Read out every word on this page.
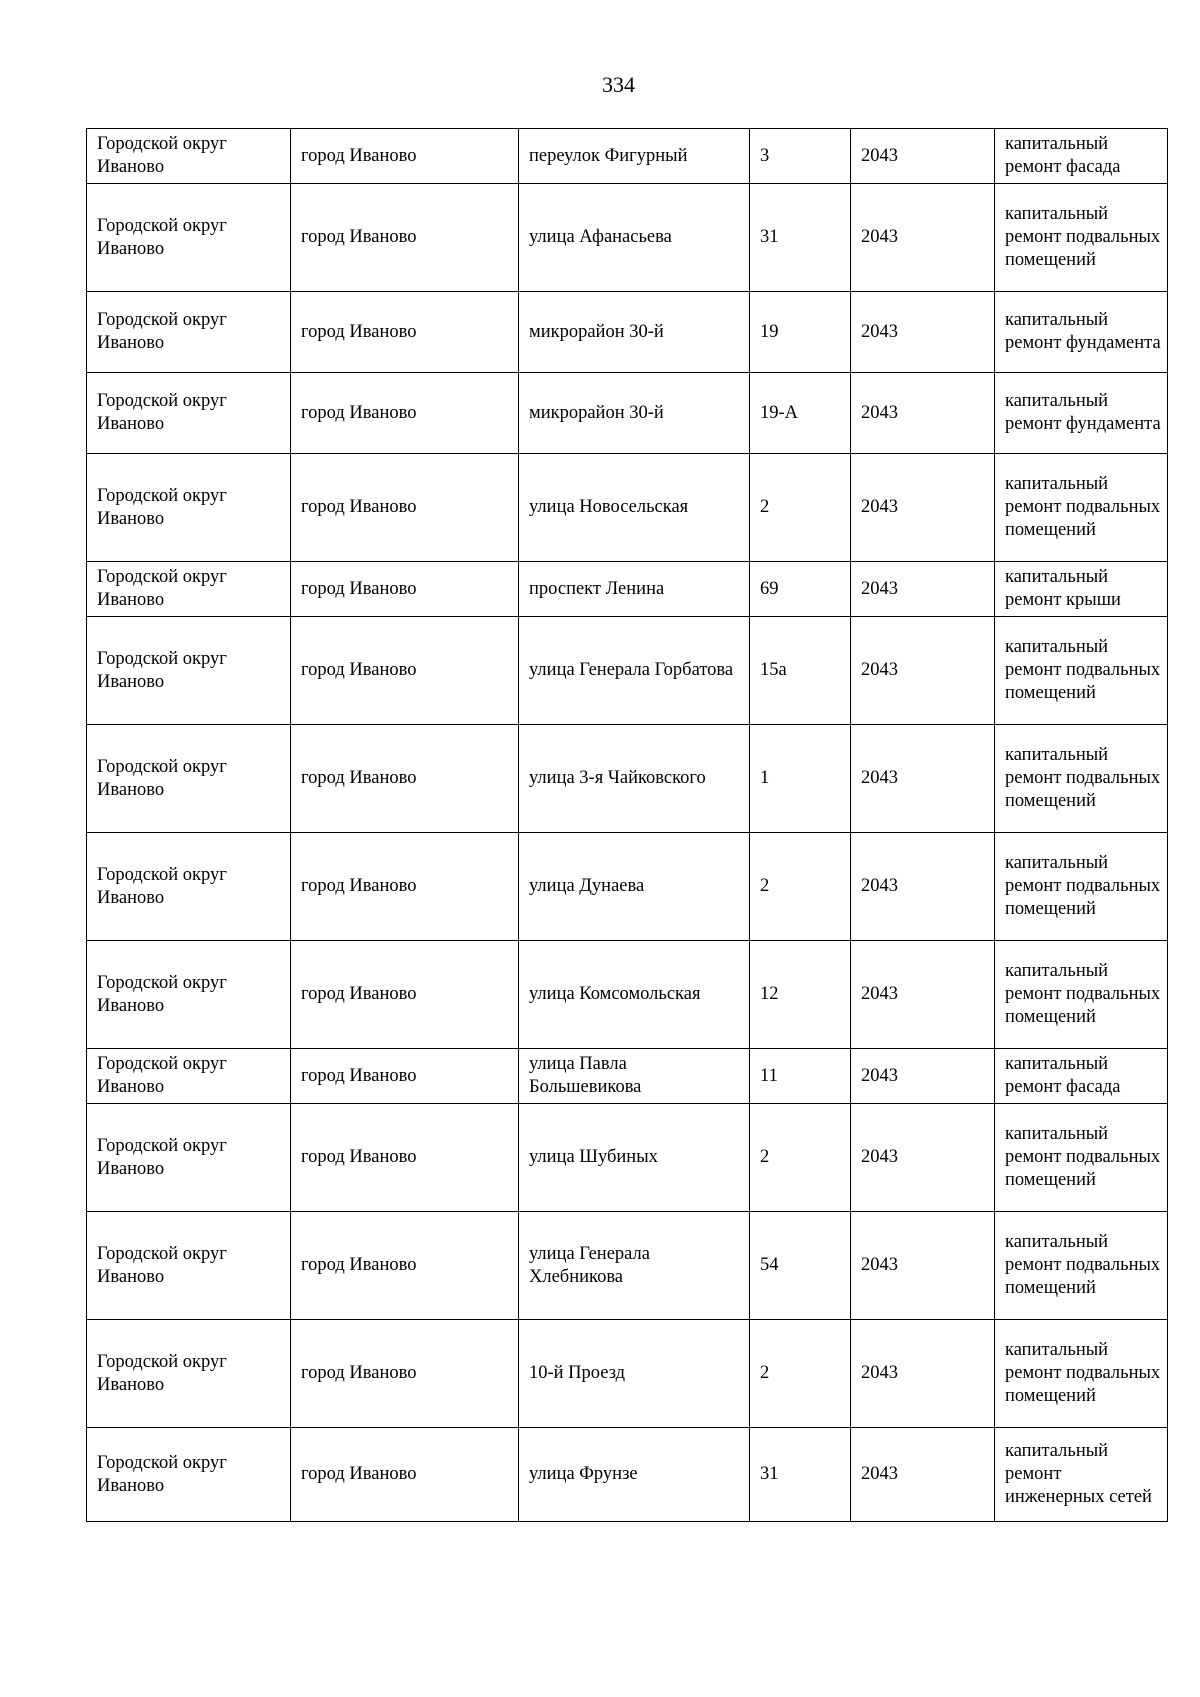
334
Городской округ Иваново	город Иваново	переулок Фигурный	3	2043	капитальный ремонт фасада
Городской округ Иваново	город Иваново	улица Афанасьева	31	2043	капитальный ремонт подвальных помещений
Городской округ Иваново	город Иваново	микрорайон 30-й	19	2043	капитальный ремонт фундамента
Городской округ Иваново	город Иваново	микрорайон 30-й	19-А	2043	капитальный ремонт фундамента
Городской округ Иваново	город Иваново	улица Новосельская	2	2043	капитальный ремонт подвальных помещений
Городской округ Иваново	город Иваново	проспект Ленина	69	2043	капитальный ремонт крыши
Городской округ Иваново	город Иваново	улица Генерала Горбатова	15а	2043	капитальный ремонт подвальных помещений
Городской округ Иваново	город Иваново	улица 3-я Чайковского	1	2043	капитальный ремонт подвальных помещений
Городской округ Иваново	город Иваново	улица Дунаева	2	2043	капитальный ремонт подвальных помещений
Городской округ Иваново	город Иваново	улица Комсомольская	12	2043	капитальный ремонт подвальных помещений
Городской округ Иваново	город Иваново	улица Павла Большевикова	11	2043	капитальный ремонт фасада
Городской округ Иваново	город Иваново	улица Шубиных	2	2043	капитальный ремонт подвальных помещений
Городской округ Иваново	город Иваново	улица Генерала Хлебникова	54	2043	капитальный ремонт подвальных помещений
Городской округ Иваново	город Иваново	10-й Проезд	2	2043	капитальный ремонт подвальных помещений
Городской округ Иваново	город Иваново	улица Фрунзе	31	2043	капитальный ремонт инженерных сетей
